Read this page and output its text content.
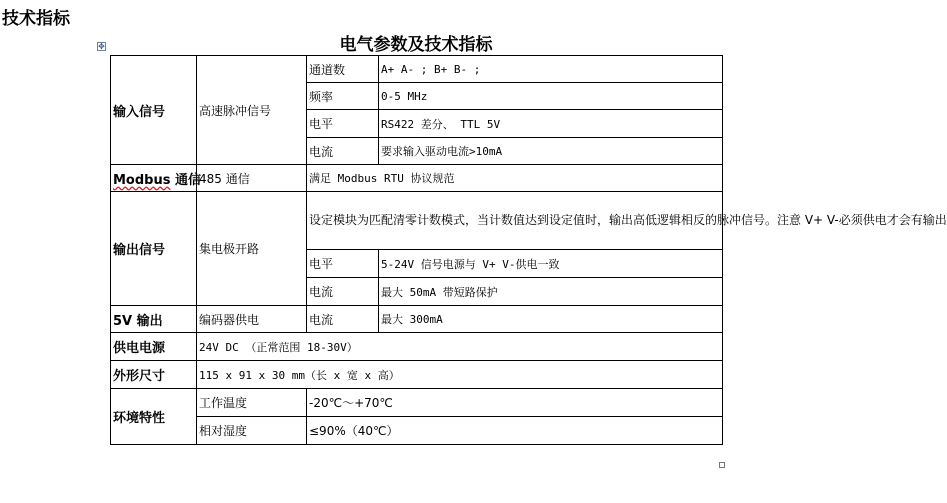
技术指标
电气参数及技术指标
✥
输入信号	高速脉冲信号	通道数	A+ A- ; B+ B- ;
		频率	0-5 MHz
		电平	RS422 差分、 TTL 5V
		电流	要求输入驱动电流>10mA
Modbus 通信	485 通信	满足 Modbus RTU 协议规范	
输出信号	集电极开路	设定模块为匹配清零计数模式，当计数值达到设定值时，输出高低逻辑相反的脉冲信号。注意 V+ V-必须供电才会有输出	
		电平	5-24V 信号电源与 V+ V-供电一致
		电流	最大 50mA 带短路保护
5V 输出	编码器供电	电流	最大 300mA
供电电源	24V DC （正常范围 18-30V）		
外形尺寸	115 x 91 x 30 mm（长 x 宽 x 高）		
环境特性	工作温度	-20℃～+70℃	
	相对湿度	≤90%（40℃）	
